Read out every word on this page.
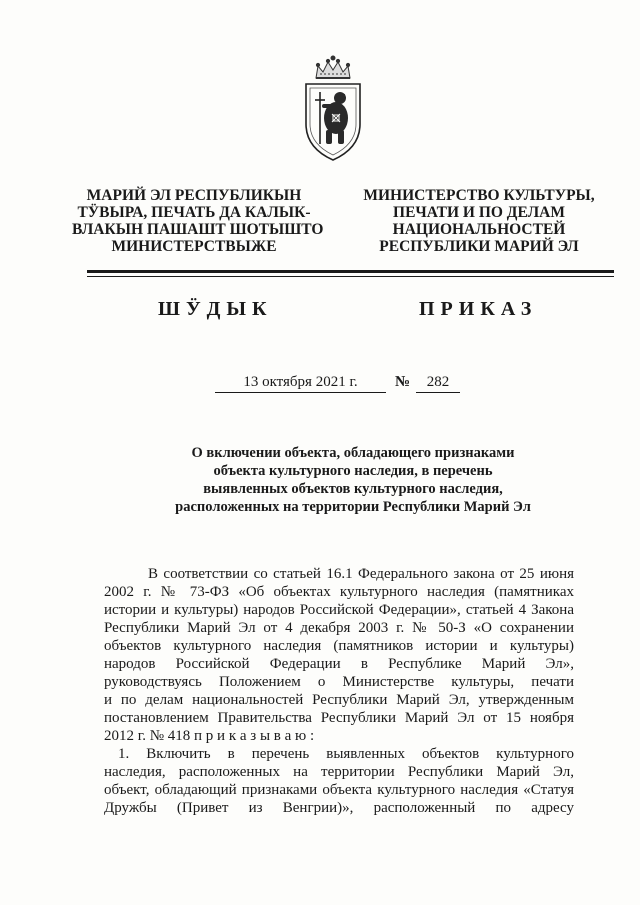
МАРИЙ ЭЛ РЕСПУБЛИКЫН
ТӰВЫРА, ПЕЧАТЬ ДА КАЛЫК-
ВЛАКЫН ПАШАШТ ШОТЫШТО
МИНИСТЕРСТВЫЖЕ
МИНИСТЕРСТВО КУЛЬТУРЫ,
ПЕЧАТИ И ПО ДЕЛАМ
НАЦИОНАЛЬНОСТЕЙ
РЕСПУБЛИКИ МАРИЙ ЭЛ
ШӰДЫК	ПРИКАЗ
13 октября 2021 г.	№	282
О включении объекта, обладающего признаками
объекта культурного наследия, в перечень
выявленных объектов культурного наследия,
расположенных на территории Республики Марий Эл
В соответствии со статьей 16.1 Федерального закона от 25 июня
2002 г. № 73-ФЗ «Об объектах культурного наследия (памятниках
истории и культуры) народов Российской Федерации», статьей 4 Закона
Республики Марий Эл от 4 декабря 2003 г. № 50-З «О сохранении
объектов культурного наследия (памятников истории и культуры)
народов Российской Федерации в Республике Марий Эл»,
руководствуясь Положением о Министерстве культуры, печати
и по делам национальностей Республики Марий Эл, утвержденным
постановлением Правительства Республики Марий Эл от 15 ноября
2012 г. № 418 п р и к а з ы в а ю :
1. Включить в перечень выявленных объектов культурного
наследия, расположенных на территории Республики Марий Эл,
объект, обладающий признаками объекта культурного наследия «Статуя
Дружбы (Привет из Венгрии)», расположенный по адресу
